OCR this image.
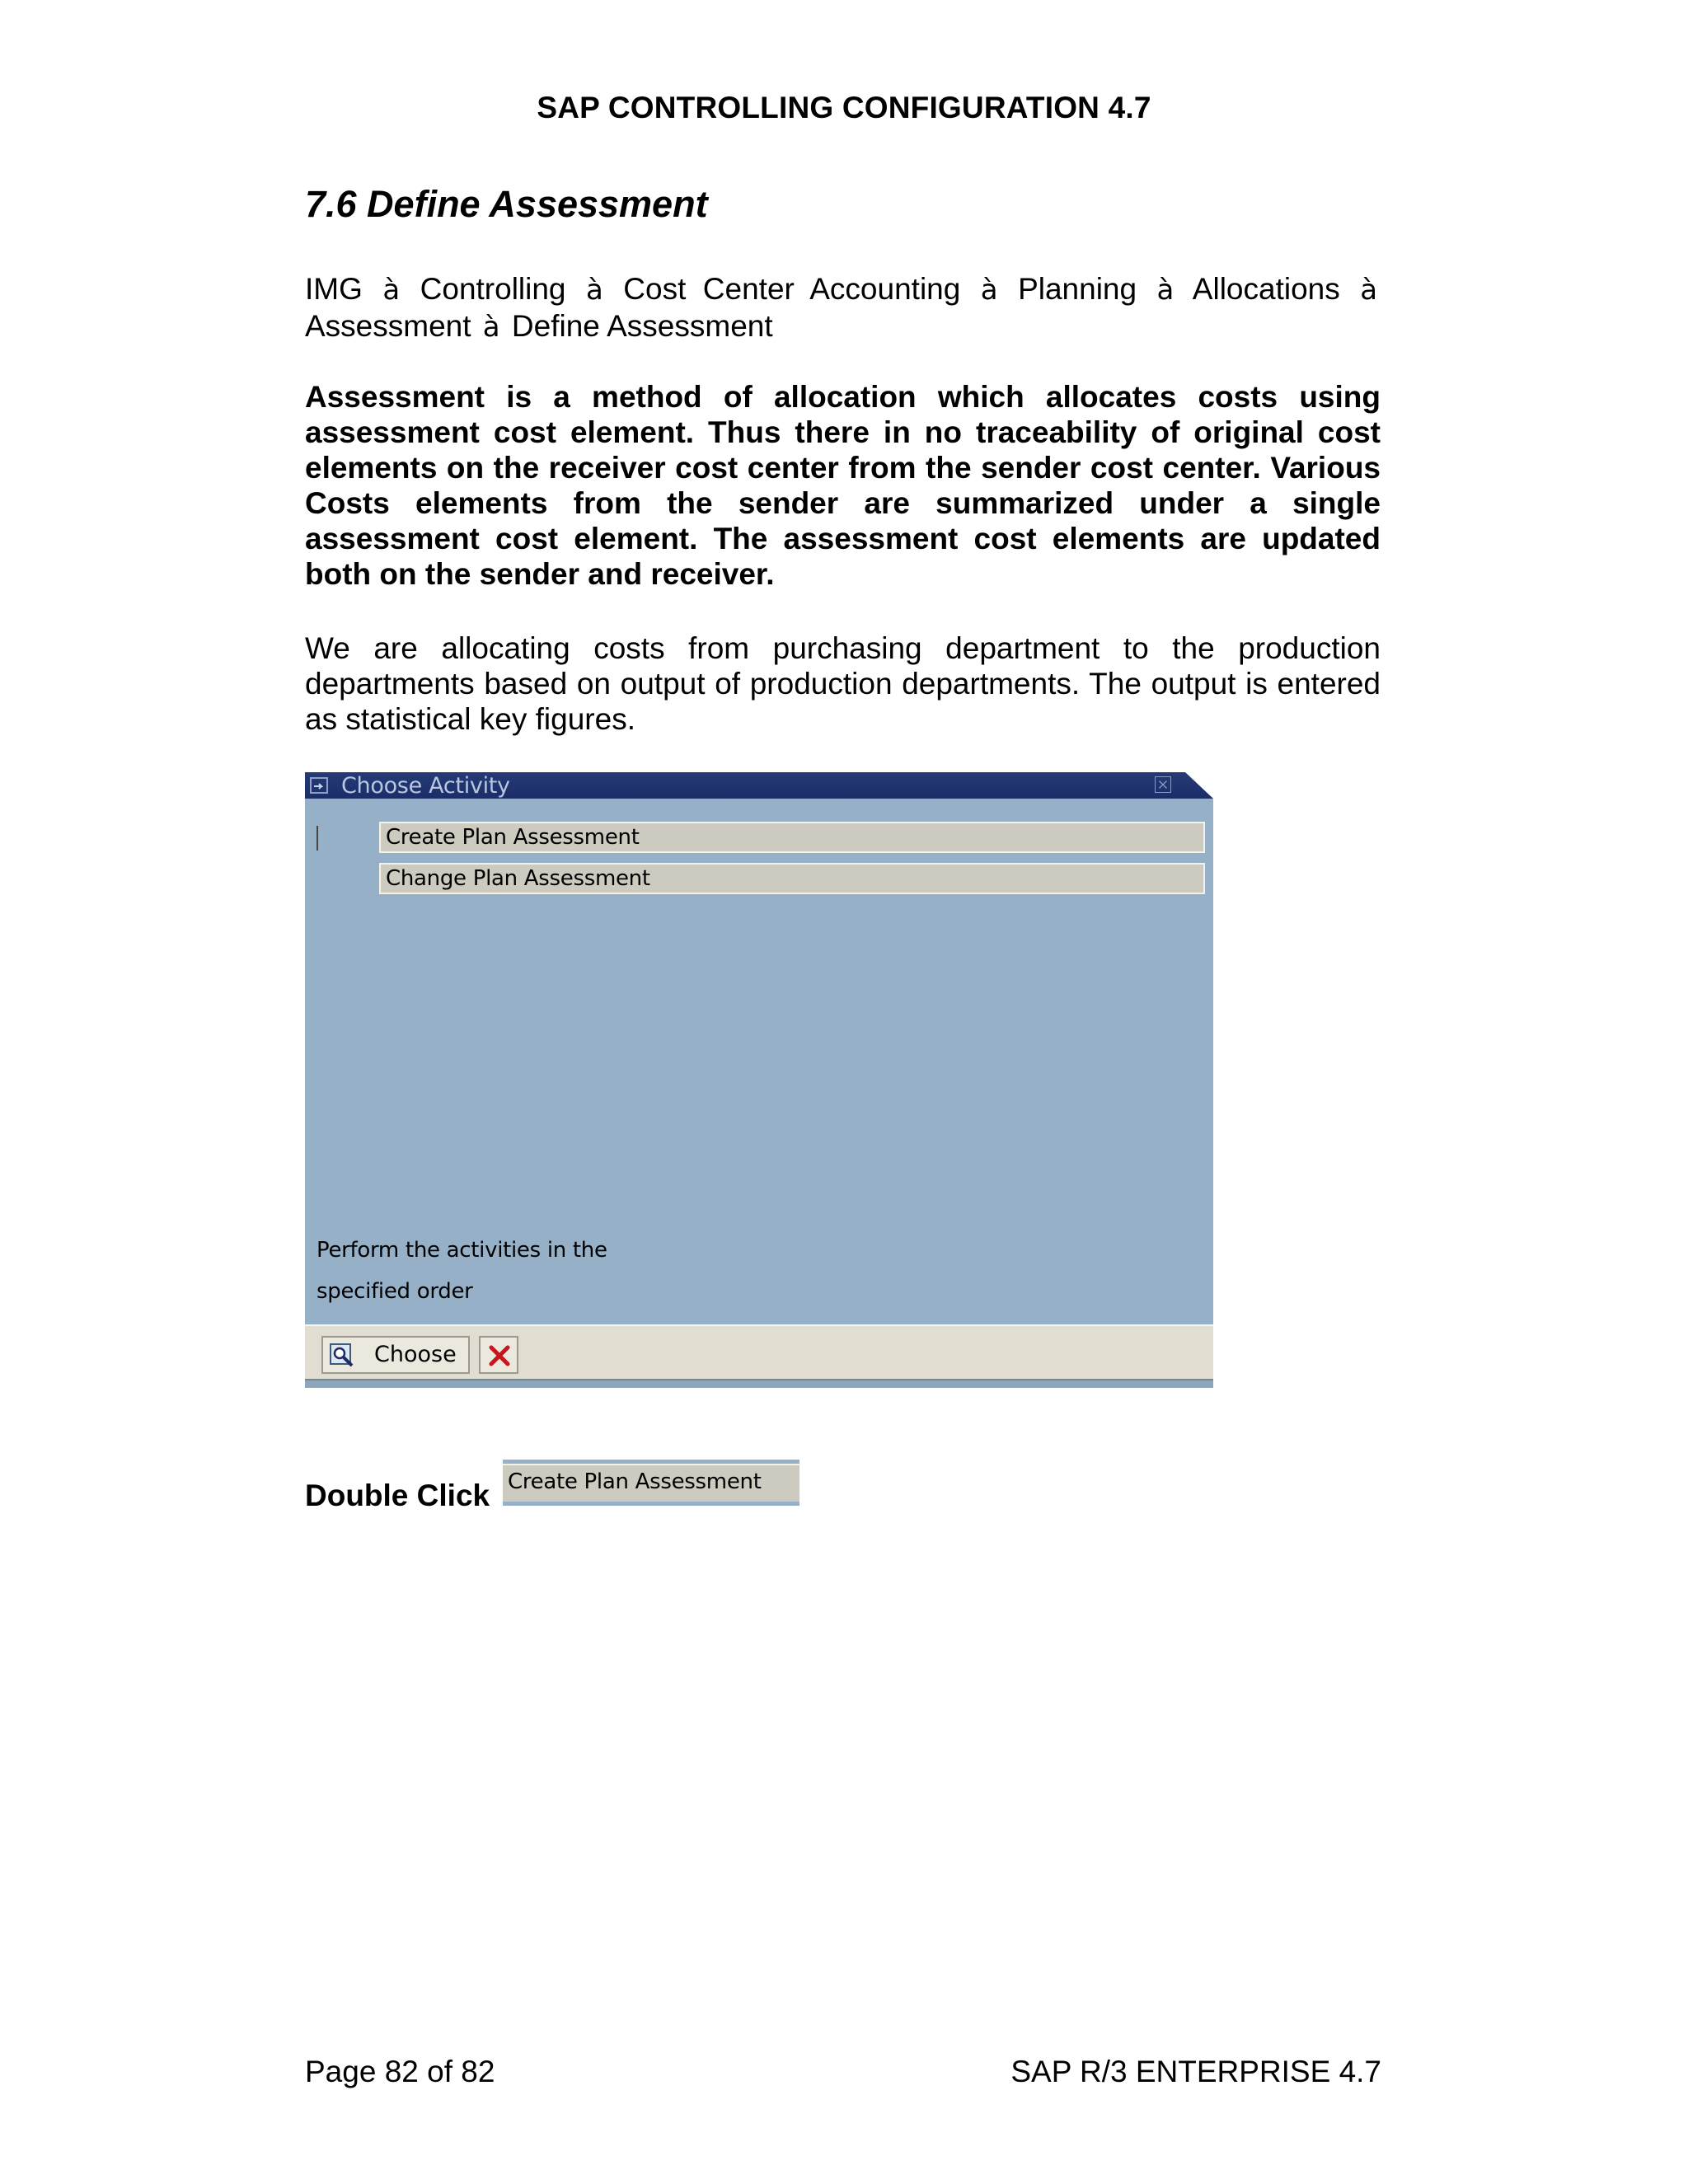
SAP CONTROLLING CONFIGURATION 4.7
7.6 Define Assessment
IMG à Controlling à Cost Center Accounting à Planning à Allocations à Assessment à Define Assessment
Assessment is a method of allocation which allocates costs using assessment cost element. Thus there in no traceability of original cost elements on the receiver cost center from the sender cost center. Various Costs elements from the sender are summarized under a single assessment cost element. The assessment cost elements are updated both on the sender and receiver.
We are allocating costs from purchasing department to the production departments based on output of production departments. The output is entered as statistical key figures.
Choose Activity
Create Plan Assessment
Change Plan Assessment
Perform the activities in the
specified order
Choose
Double Click Create Plan Assessment
Page 82 of 82	SAP R/3 ENTERPRISE 4.7
